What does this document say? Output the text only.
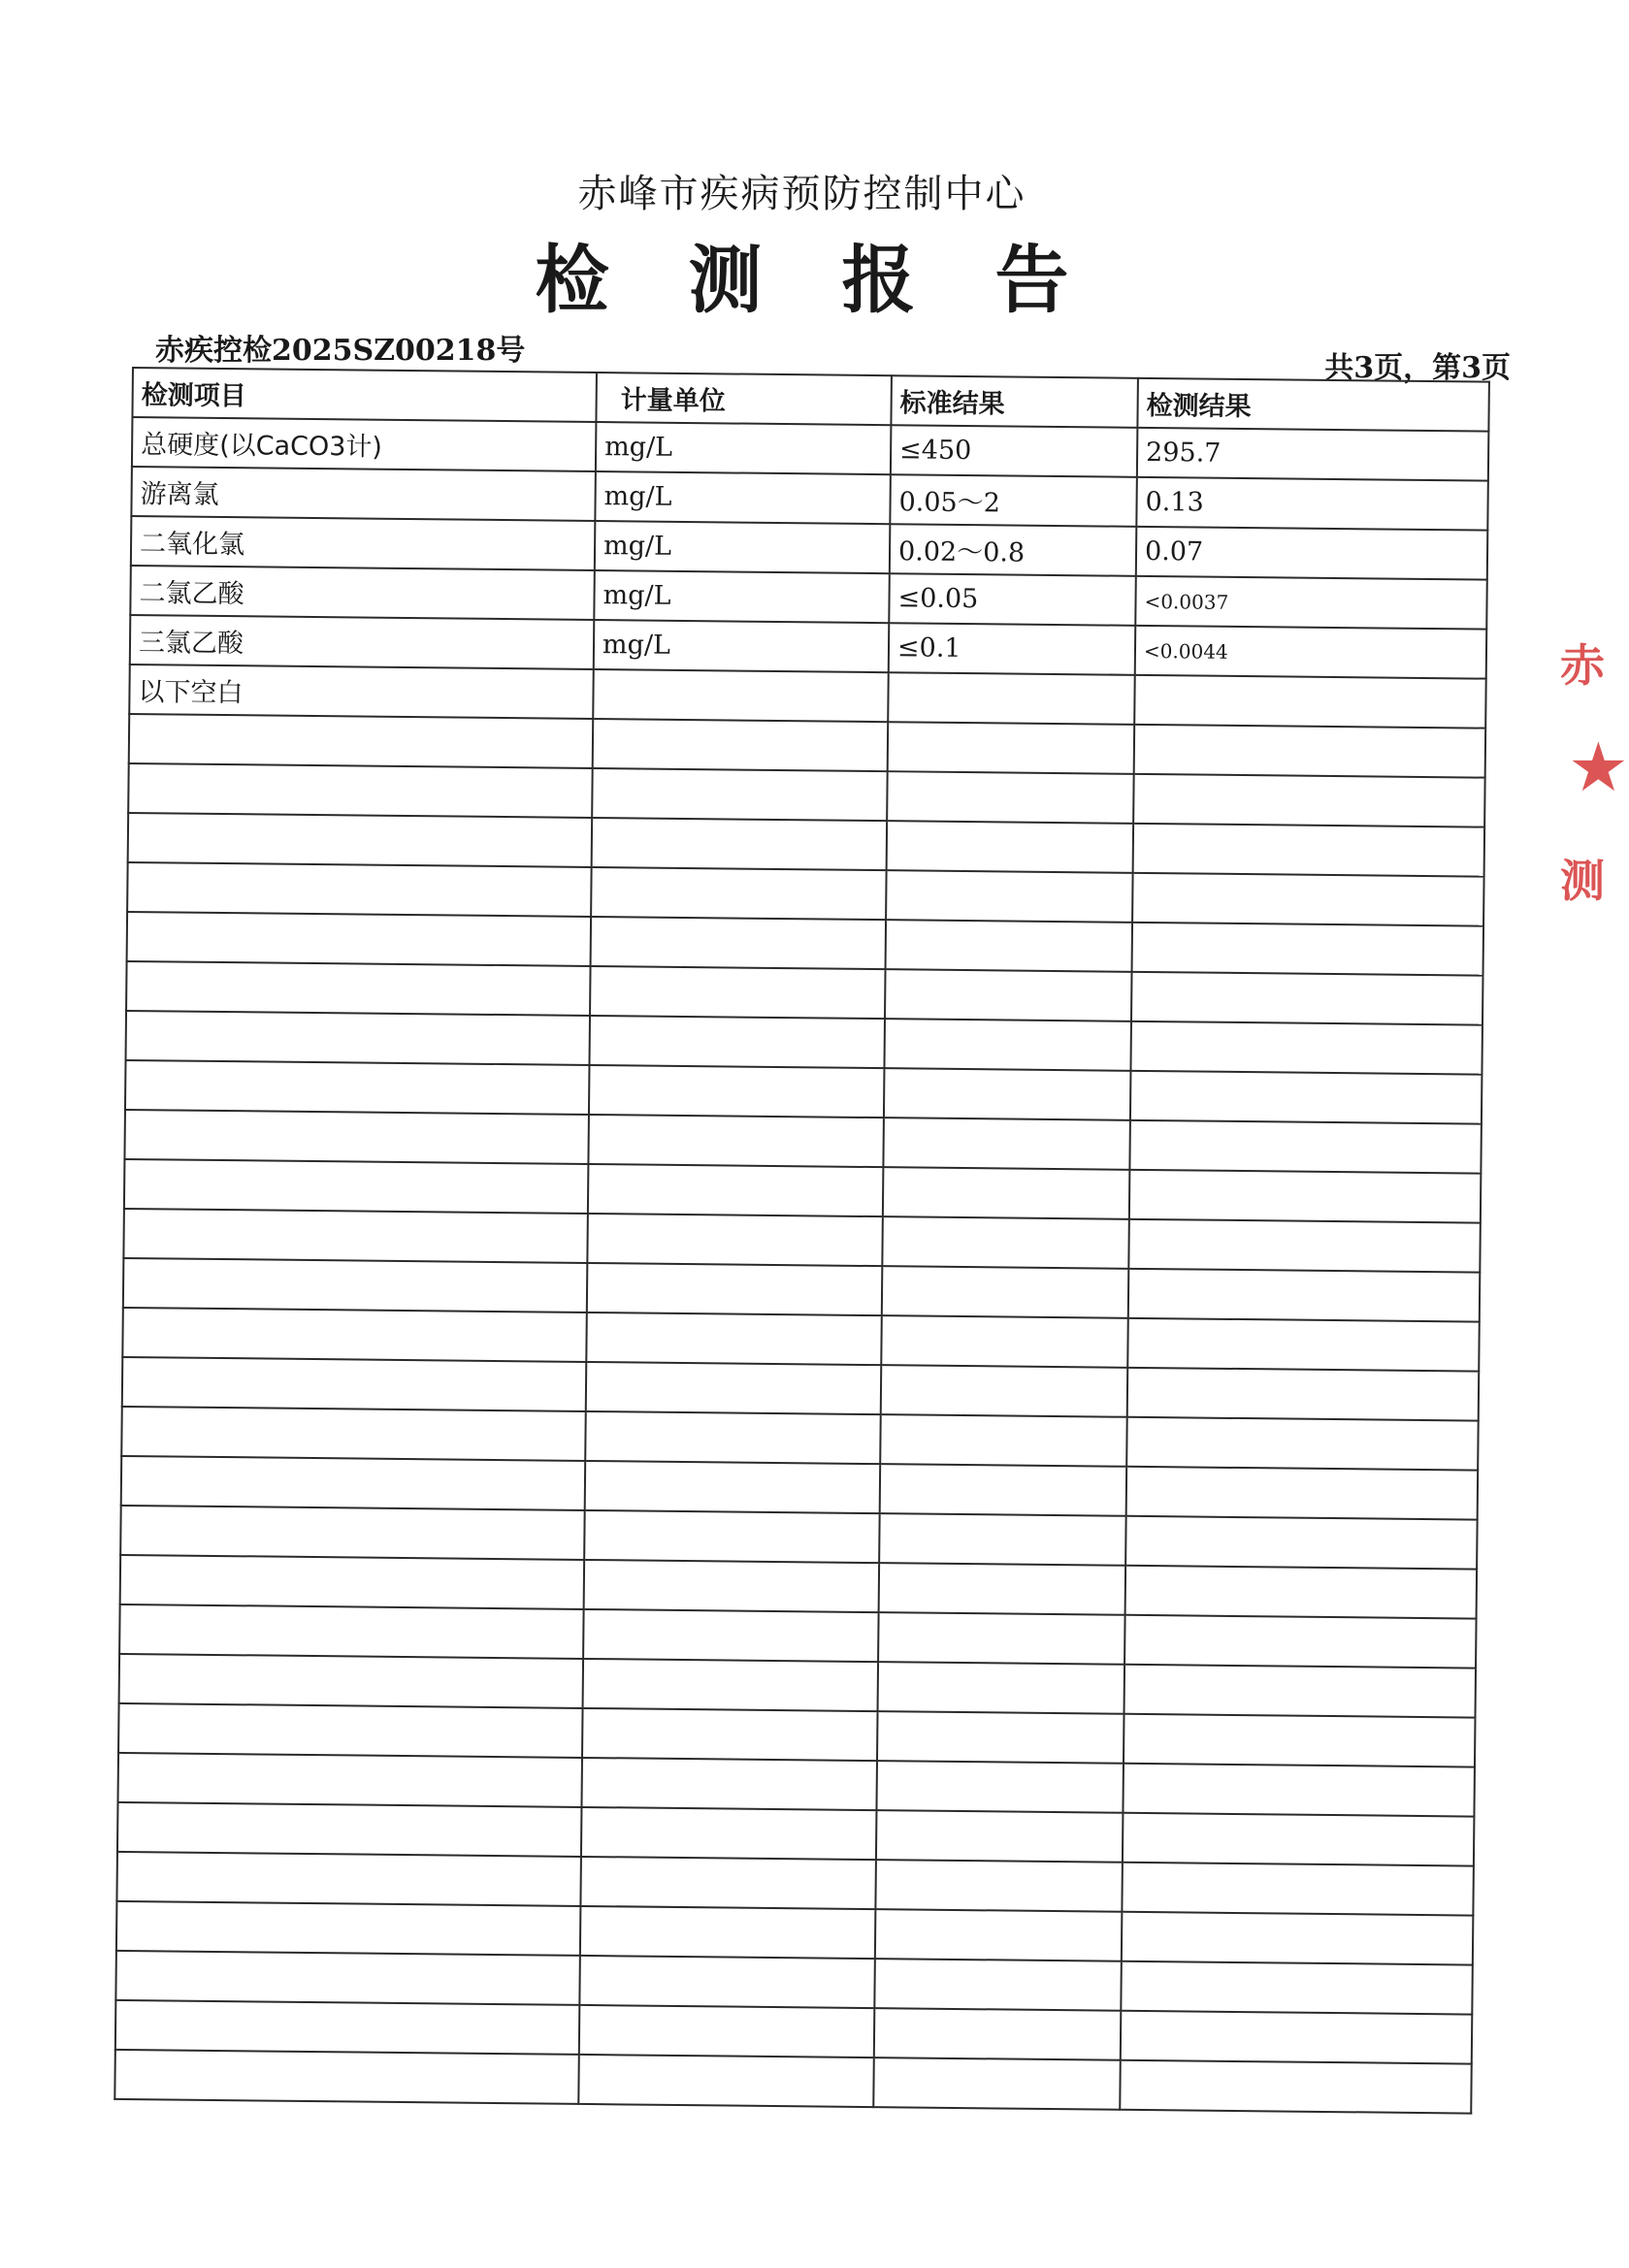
赤峰市疾病预防控制中心
检测报告
赤疾控检2025SZ00218号
共3页，第3页
检测项目	计量单位	标准结果	检测结果
总硬度(以CaCO3计)	mg/L	≤450	295.7
游离氯	mg/L	0.05～2	0.13
二氧化氯	mg/L	0.02～0.8	0.07
二氯乙酸	mg/L	≤0.05	<0.0037
三氯乙酸	mg/L	≤0.1	<0.0044
以下空白			

赤
★
测
